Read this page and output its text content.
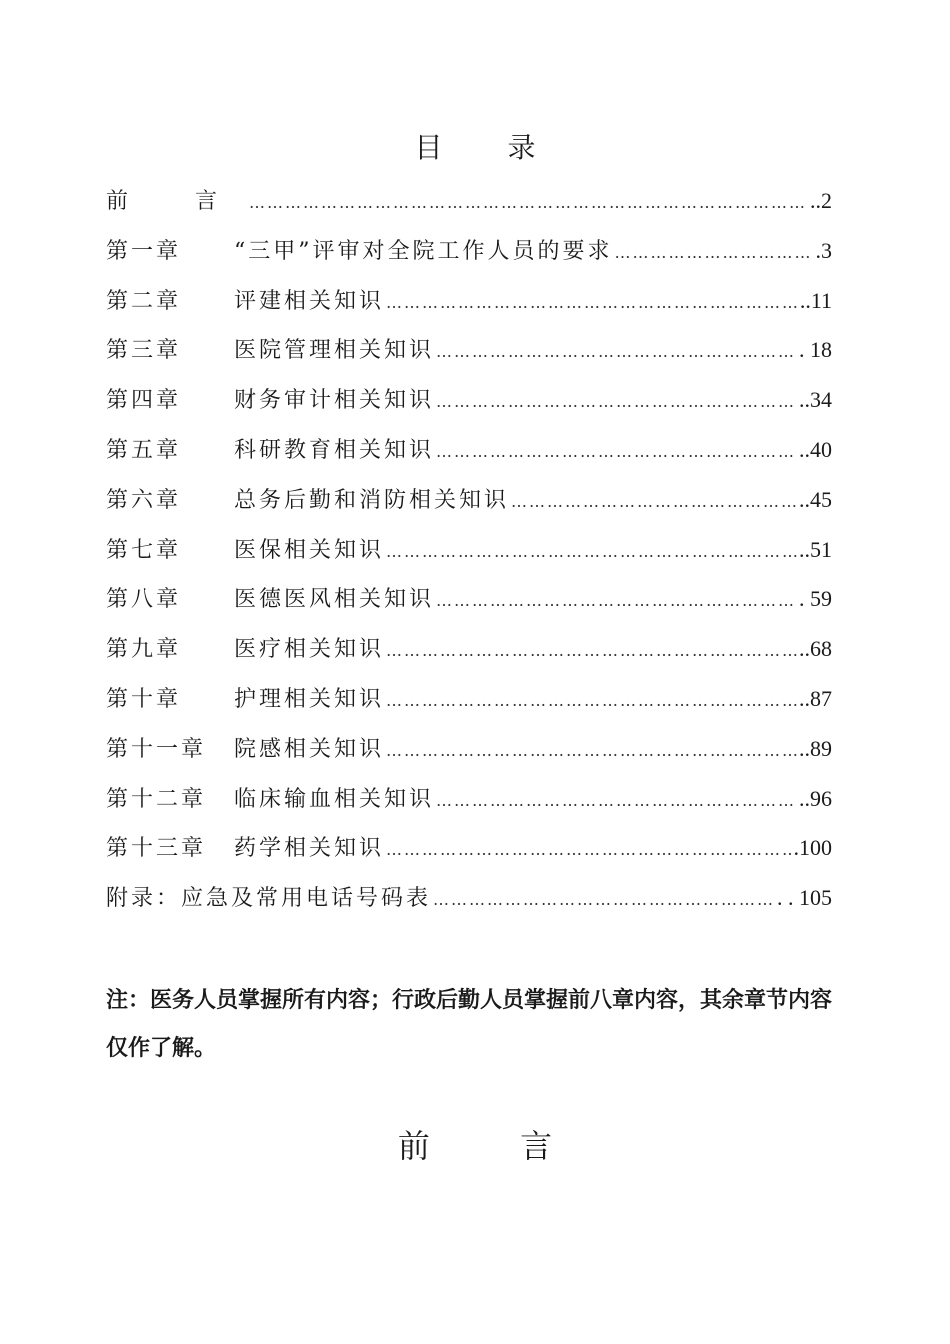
目 录
前 言 ……………………………………………………………………………………………………………………	..2
第一章	“三甲”评审对全院工作人员的要求 ……………………………………………………………………………………………………………………	.3
第二章	评建相关知识 ……………………………………………………………………………………………………………………	..11
第三章	医院管理相关知识 ……………………………………………………………………………………………………………………	. 18
第四章	财务审计相关知识 ……………………………………………………………………………………………………………………	..34
第五章	科研教育相关知识 ……………………………………………………………………………………………………………………	..40
第六章	总务后勤和消防相关知识 ……………………………………………………………………………………………………………………	..45
第七章	医保相关知识 ……………………………………………………………………………………………………………………	..51
第八章	医德医风相关知识 ……………………………………………………………………………………………………………………	. 59
第九章	医疗相关知识 ……………………………………………………………………………………………………………………	..68
第十章	护理相关知识 ……………………………………………………………………………………………………………………	..87
第十一章	院感相关知识 ……………………………………………………………………………………………………………………	..89
第十二章	临床输血相关知识 ……………………………………………………………………………………………………………………	..96
第十三章	药学相关知识 ……………………………………………………………………………………………………………………	.100
附录：应急及常用电话号码表 ……………………………………………………………………………………………………………………	. . 105
注：医务人员掌握所有内容；行政后勤人员掌握前八章内容，其余章节内容仅作了解。
前 言
